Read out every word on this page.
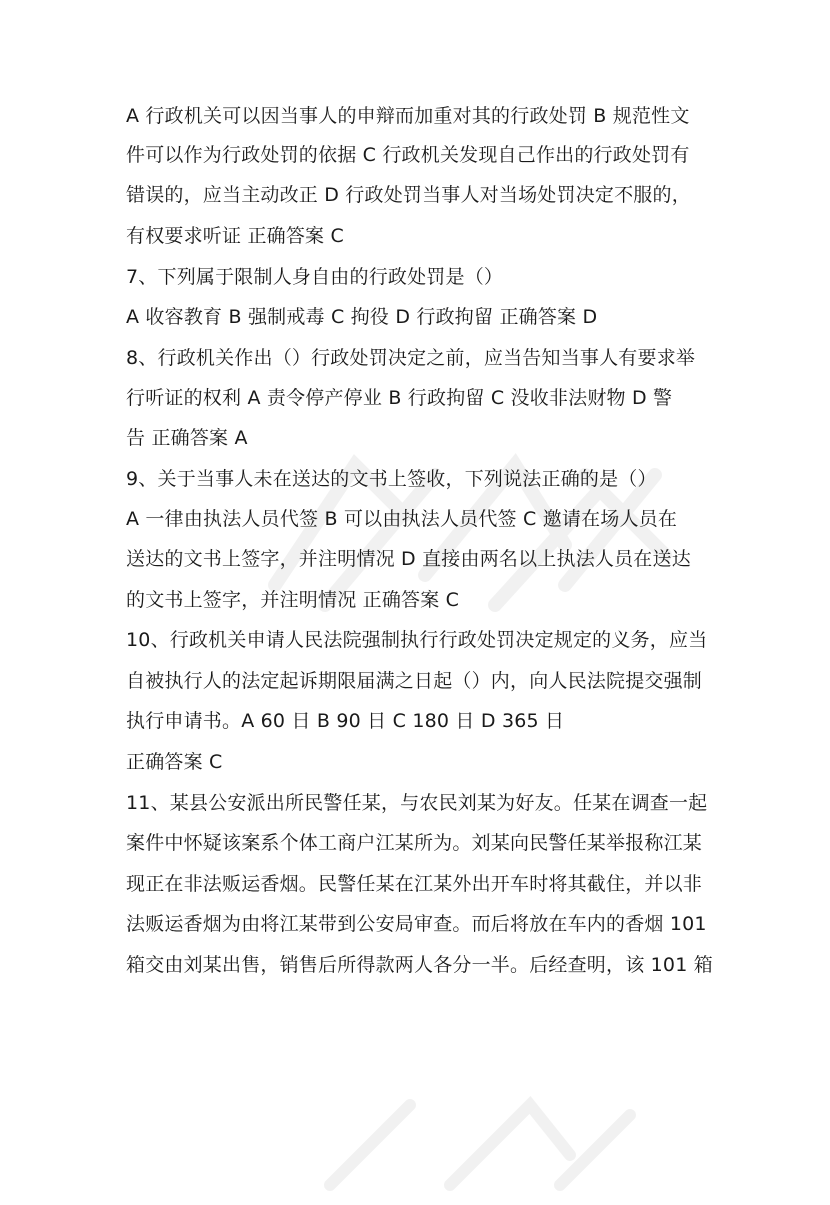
A 行政机关可以因当事人的申辩而加重对其的行政处罚 B 规范性文
件可以作为行政处罚的依据 C 行政机关发现自己作出的行政处罚有
错误的，应当主动改正 D 行政处罚当事人对当场处罚决定不服的，
有权要求听证 正确答案 C
7、下列属于限制人身自由的行政处罚是（）
A 收容教育 B 强制戒毒 C 拘役 D 行政拘留 正确答案 D
8、行政机关作出（）行政处罚决定之前，应当告知当事人有要求举
行听证的权利 A 责令停产停业 B 行政拘留 C 没收非法财物 D 警
告 正确答案 A
9、关于当事人未在送达的文书上签收，下列说法正确的是（）
A 一律由执法人员代签 B 可以由执法人员代签 C 邀请在场人员在
送达的文书上签字，并注明情况 D 直接由两名以上执法人员在送达
的文书上签字，并注明情况 正确答案 C
10、行政机关申请人民法院强制执行行政处罚决定规定的义务，应当
自被执行人的法定起诉期限届满之日起（）内，向人民法院提交强制
执行申请书。A 60 日 B 90 日 C 180 日 D 365 日
正确答案 C
11、某县公安派出所民警任某，与农民刘某为好友。任某在调查一起
案件中怀疑该案系个体工商户江某所为。刘某向民警任某举报称江某
现正在非法贩运香烟。民警任某在江某外出开车时将其截住，并以非
法贩运香烟为由将江某带到公安局审查。而后将放在车内的香烟 101
箱交由刘某出售，销售后所得款两人各分一半。后经查明，该 101 箱
